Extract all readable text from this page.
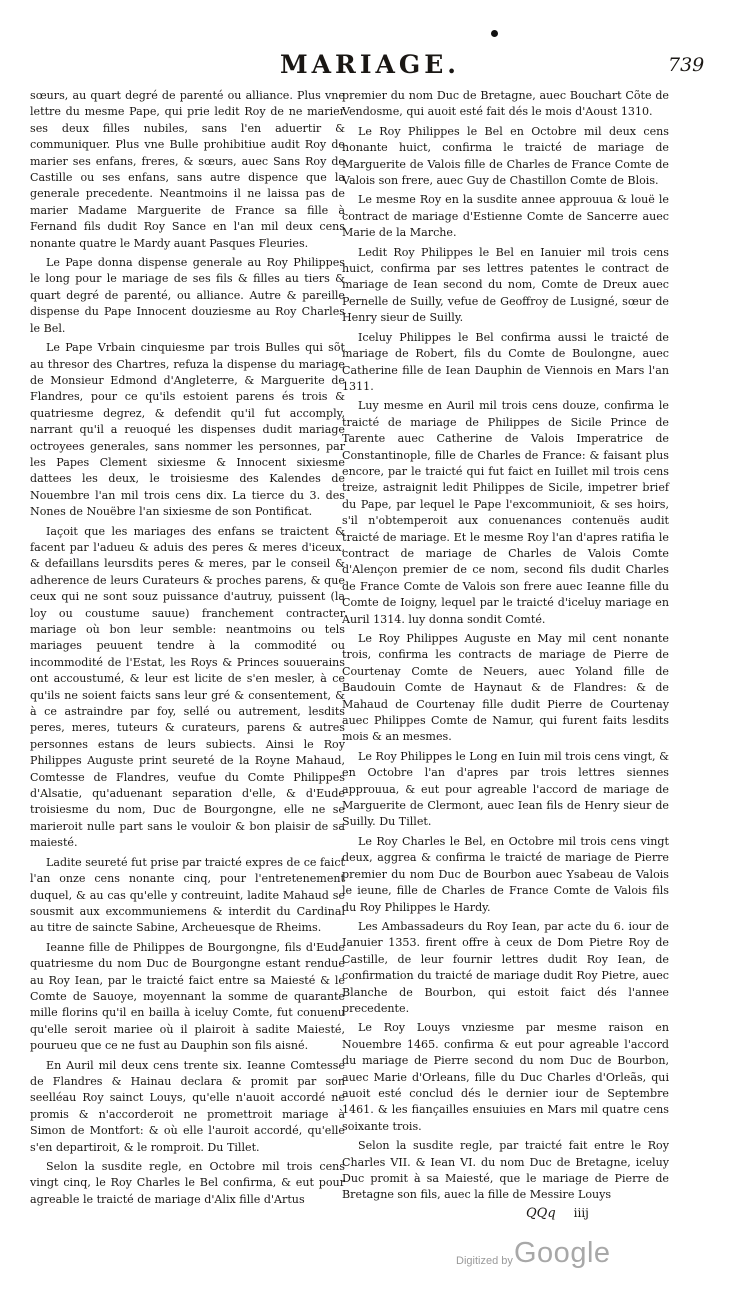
MARIAGE.	739

sœurs, au quart degré de parenté ou alliance. Plus vne lettre du mesme Pape, qui prie ledit Roy de ne marier ses deux filles nubiles, sans l'en aduertir & communiquer. Plus vne Bulle prohibitiue audit Roy de marier ses enfans, freres, & sœurs, auec Sans Roy de Castille ou ses enfans, sans autre dispence que la generale precedente. Neantmoins il ne laissa pas de marier Madame Marguerite de France sa fille à Fernand fils dudit Roy Sance en l'an mil deux cens nonante quatre le Mardy auant Pasques Fleuries.

Le Pape donna dispense generale au Roy Philippes le long pour le mariage de ses fils & filles au tiers & quart degré de parenté, ou alliance. Autre & pareille dispense du Pape Innocent douziesme au Roy Charles le Bel.

Le Pape Vrbain cinquiesme par trois Bulles qui sõt au thresor des Chartres, refuza la dispense du mariage de Monsieur Edmond d'Angleterre, & Marguerite de Flandres, pour ce qu'ils estoient parens és trois & quatriesme degrez, & defendit qu'il fut accomply, narrant qu'il a reuoqué les dispenses dudit mariage octroyees generales, sans nommer les personnes, par les Papes Clement sixiesme & Innocent sixiesme dattees les deux, le troisiesme des Kalendes de Nouembre l'an mil trois cens dix. La tierce du 3. des Nones de Nouëbre l'an sixiesme de son Pontificat.

Iaçoit que les mariages des enfans se traictent & facent par l'adueu & aduis des peres & meres d'iceux, & defaillans leursdits peres & meres, par le conseil & adherence de leurs Curateurs & proches parens, & que ceux qui ne sont souz puissance d'autruy, puissent (la loy ou coustume sauue) franchement contracter mariage où bon leur semble: neantmoins ou tels mariages peuuent tendre à la commodité ou incommodité de l'Estat, les Roys & Princes souuerains ont accoustumé, & leur est licite de s'en mesler, à ce qu'ils ne soient faicts sans leur gré & consentement, & à ce astraindre par foy, sellé ou autrement, lesdits peres, meres, tuteurs & curateurs, parens & autres personnes estans de leurs subiects. Ainsi le Roy Philippes Auguste print seureté de la Royne Mahaud, Comtesse de Flandres, veufue du Comte Philippes d'Alsatie, qu'aduenant separation d'elle, & d'Eude troisiesme du nom, Duc de Bourgongne, elle ne se marieroit nulle part sans le vouloir & bon plaisir de sa maiesté.

Ladite seureté fut prise par traicté expres de ce faict l'an onze cens nonante cinq, pour l'entretenement duquel, & au cas qu'elle y contreuint, ladite Mahaud se sousmit aux excommuniemens & interdit du Cardinal au titre de saincte Sabine, Archeuesque de Rheims.

Ieanne fille de Philippes de Bourgongne, fils d'Eude quatriesme du nom Duc de Bourgongne estant rendue au Roy Iean, par le traicté faict entre sa Maiesté & le Comte de Sauoye, moyennant la somme de quarante mille florins qu'il en bailla à iceluy Comte, fut conuenu qu'elle seroit mariee où il plairoit à sadite Maiesté, pourueu que ce ne fust au Dauphin son fils aisné.

En Auril mil deux cens trente six. Ieanne Comtesse de Flandres & Hainau declara & promit par son seelléau Roy sainct Louys, qu'elle n'auoit accordé ne promis & n'accorderoit ne promettroit mariage à Simon de Montfort: & où elle l'auroit accordé, qu'elle s'en departiroit, & le romproit. Du Tillet.

Selon la susdite regle, en Octobre mil trois cens vingt cinq, le Roy Charles le Bel confirma, & eut pour agreable le traicté de mariage d'Alix fille d'Artus

premier du nom Duc de Bretagne, auec Bouchart Cõte de Vendosme, qui auoit esté fait dés le mois d'Aoust 1310.

Le Roy Philippes le Bel en Octobre mil deux cens nonante huict, confirma le traicté de mariage de Marguerite de Valois fille de Charles de France Comte de Valois son frere, auec Guy de Chastillon Comte de Blois.

Le mesme Roy en la susdite annee approuua & louë le contract de mariage d'Estienne Comte de Sancerre auec Marie de la Marche.

Ledit Roy Philippes le Bel en Ianuier mil trois cens huict, confirma par ses lettres patentes le contract de mariage de Iean second du nom, Comte de Dreux auec Pernelle de Suilly, vefue de Geoffroy de Lusigné, sœur de Henry sieur de Suilly.

Iceluy Philippes le Bel confirma aussi le traicté de mariage de Robert, fils du Comte de Boulongne, auec Catherine fille de Iean Dauphin de Viennois en Mars l'an 1311.

Luy mesme en Auril mil trois cens douze, confirma le traicté de mariage de Philippes de Sicile Prince de Tarente auec Catherine de Valois Imperatrice de Constantinople, fille de Charles de France: & faisant plus encore, par le traicté qui fut faict en Iuillet mil trois cens treize, astraignit ledit Philippes de Sicile, impetrer brief du Pape, par lequel le Pape l'excommunioit, & ses hoirs, s'il n'obtemperoit aux conuenances contenuës audit traicté de mariage. Et le mesme Roy l'an d'apres ratifia le contract de mariage de Charles de Valois Comte d'Alençon premier de ce nom, second fils dudit Charles de France Comte de Valois son frere auec Ieanne fille du Comte de Ioigny, lequel par le traicté d'iceluy mariage en Auril 1314. luy donna sondit Comté.

Le Roy Philippes Auguste en May mil cent nonante trois, confirma les contracts de mariage de Pierre de Courtenay Comte de Neuers, auec Yoland fille de Baudouin Comte de Haynaut & de Flandres: & de Mahaud de Courtenay fille dudit Pierre de Courtenay auec Philippes Comte de Namur, qui furent faits lesdits mois & an mesmes.

Le Roy Philippes le Long en Iuin mil trois cens vingt, & en Octobre l'an d'apres par trois lettres siennes approuua, & eut pour agreable l'accord de mariage de Marguerite de Clermont, auec Iean fils de Henry sieur de Suilly. Du Tillet.

Le Roy Charles le Bel, en Octobre mil trois cens vingt deux, aggrea & confirma le traicté de mariage de Pierre premier du nom Duc de Bourbon auec Ysabeau de Valois le ieune, fille de Charles de France Comte de Valois fils du Roy Philippes le Hardy.

Les Ambassadeurs du Roy Iean, par acte du 6. iour de Ianuier 1353. firent offre à ceux de Dom Pietre Roy de Castille, de leur fournir lettres dudit Roy Iean, de confirmation du traicté de mariage dudit Roy Pietre, auec Blanche de Bourbon, qui estoit faict dés l'annee precedente.

Le Roy Louys vnziesme par mesme raison en Nouembre 1465. confirma & eut pour agreable l'accord du mariage de Pierre second du nom Duc de Bourbon, auec Marie d'Orleans, fille du Duc Charles d'Orleãs, qui auoit esté conclud dés le dernier iour de Septembre 1461. & les fiançailles ensuiuies en Mars mil quatre cens soixante trois.

Selon la susdite regle, par traicté fait entre le Roy Charles VII. & Iean VI. du nom Duc de Bretagne, iceluy Duc promit à sa Maiesté, que le mariage de Pierre de Bretagne son fils, auec la fille de Messire Louys

QQq iiij
Digitized by Google
